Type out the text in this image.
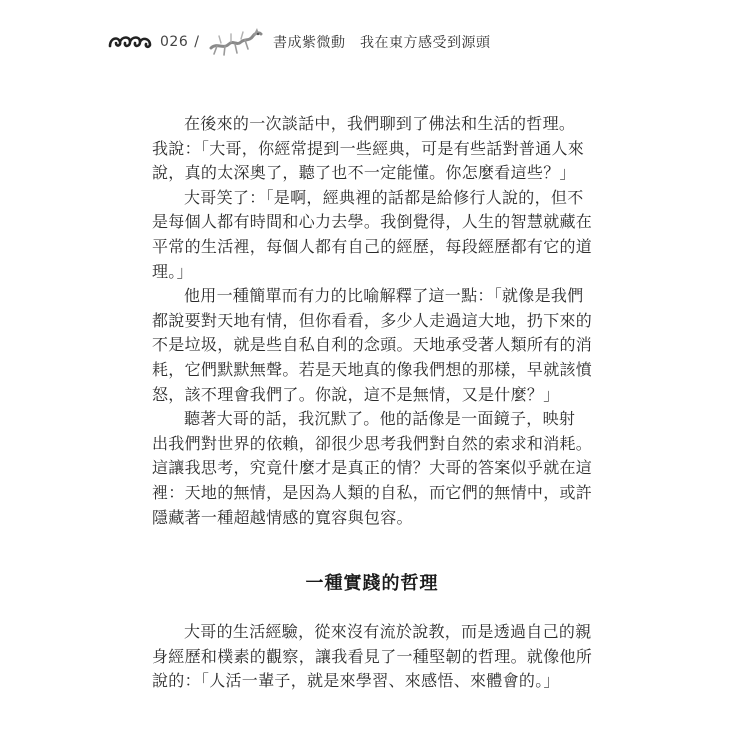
026 /	書成紫微動　我在東方感受到源頭

在後來的一次談話中，我們聊到了佛法和生活的哲理。
我說：「大哥，你經常提到一些經典，可是有些話對普通人來
說，真的太深奧了，聽了也不一定能懂。你怎麼看這些？」

大哥笑了：「是啊，經典裡的話都是給修行人說的，但不
是每個人都有時間和心力去學。我倒覺得，人生的智慧就藏在
平常的生活裡，每個人都有自己的經歷，每段經歷都有它的道
理。」

他用一種簡單而有力的比喻解釋了這一點：「就像是我們
都說要對天地有情，但你看看，多少人走過這大地，扔下來的
不是垃圾，就是些自私自利的念頭。天地承受著人類所有的消
耗，它們默默無聲。若是天地真的像我們想的那樣，早就該憤
怒，該不理會我們了。你說，這不是無情，又是什麼？」

聽著大哥的話，我沉默了。他的話像是一面鏡子，映射
出我們對世界的依賴，卻很少思考我們對自然的索求和消耗。
這讓我思考，究竟什麼才是真正的情？大哥的答案似乎就在這
裡：天地的無情，是因為人類的自私，而它們的無情中，或許
隱藏著一種超越情感的寬容與包容。

一種實踐的哲理

大哥的生活經驗，從來沒有流於說教，而是透過自己的親
身經歷和樸素的觀察，讓我看見了一種堅韌的哲理。就像他所
說的：「人活一輩子，就是來學習、來感悟、來體會的。」
